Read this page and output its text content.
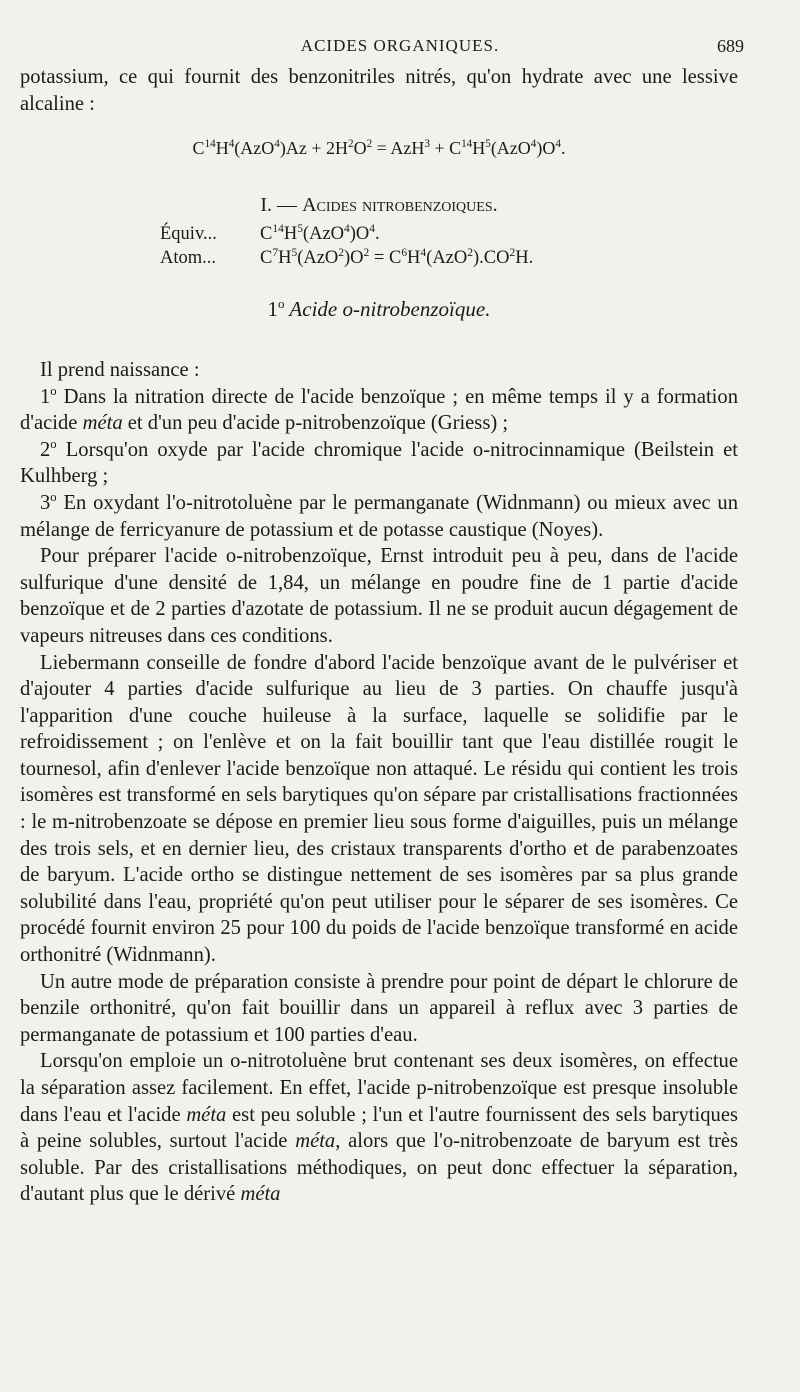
ACIDES ORGANIQUES.	689

potassium, ce qui fournit des benzonitriles nitrés, qu'on hydrate avec une lessive alcaline :

$C^{14}H^4(AzO^4)Az + 2H^2O^2 = AzH^3 + C^{14}H^5(AzO^4)O^4$.
I. — Acides nitrobenzoiques.
Équiv... $C^{14}H^5(AzO^4)O^4$.
Atom... $C^7H^5(AzO^2)O^2 = C^6H^4(AzO^2).CO^2H$.
1$^o$ Acide o-nitrobenzoïque.

Il prend naissance :

1$^o$ Dans la nitration directe de l'acide benzoïque ; en même temps il y a formation d'acide méta et d'un peu d'acide p-nitrobenzoïque (Griess) ;

2$^o$ Lorsqu'on oxyde par l'acide chromique l'acide o-nitrocinnamique (Beilstein et Kulhberg ;

3$^o$ En oxydant l'o-nitrotoluène par le permanganate (Widnmann) ou mieux avec un mélange de ferricyanure de potassium et de potasse caustique (Noyes).

Pour préparer l'acide o-nitrobenzoïque, Ernst introduit peu à peu, dans de l'acide sulfurique d'une densité de 1,84, un mélange en poudre fine de 1 partie d'acide benzoïque et de 2 parties d'azotate de potassium. Il ne se produit aucun dégagement de vapeurs nitreuses dans ces conditions.

Liebermann conseille de fondre d'abord l'acide benzoïque avant de le pulvériser et d'ajouter 4 parties d'acide sulfurique au lieu de 3 parties. On chauffe jusqu'à l'apparition d'une couche huileuse à la surface, laquelle se solidifie par le refroidissement ; on l'enlève et on la fait bouillir tant que l'eau distillée rougit le tournesol, afin d'enlever l'acide benzoïque non attaqué. Le résidu qui contient les trois isomères est transformé en sels barytiques qu'on sépare par cristallisations fractionnées : le m-nitrobenzoate se dépose en premier lieu sous forme d'aiguilles, puis un mélange des trois sels, et en dernier lieu, des cristaux transparents d'ortho et de parabenzoates de baryum. L'acide ortho se distingue nettement de ses isomères par sa plus grande solubilité dans l'eau, propriété qu'on peut utiliser pour le séparer de ses isomères. Ce procédé fournit environ 25 pour 100 du poids de l'acide benzoïque transformé en acide orthonitré (Widnmann).

Un autre mode de préparation consiste à prendre pour point de départ le chlorure de benzile orthonitré, qu'on fait bouillir dans un appareil à reflux avec 3 parties de permanganate de potassium et 100 parties d'eau.

Lorsqu'on emploie un o-nitrotoluène brut contenant ses deux isomères, on effectue la séparation assez facilement. En effet, l'acide p-nitrobenzoïque est presque insoluble dans l'eau et l'acide méta est peu soluble ; l'un et l'autre fournissent des sels barytiques à peine solubles, surtout l'acide méta, alors que l'o-nitrobenzoate de baryum est très soluble. Par des cristallisations méthodiques, on peut donc effectuer la séparation, d'autant plus que le dérivé méta
